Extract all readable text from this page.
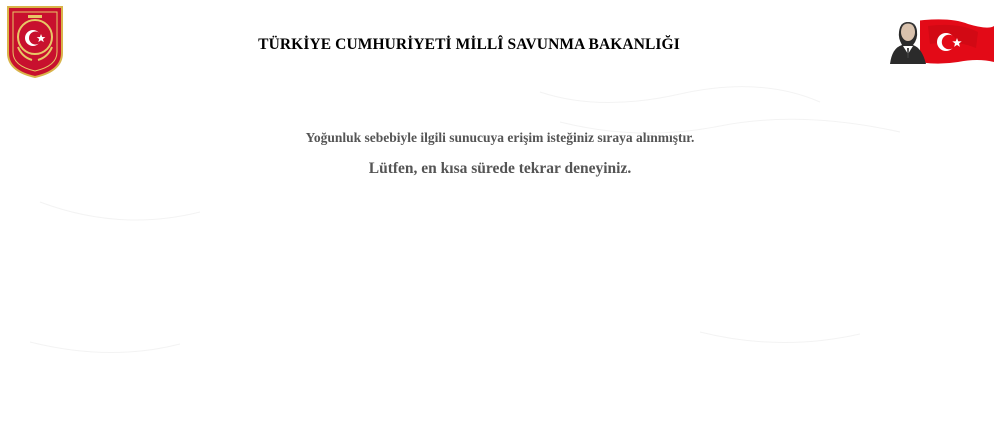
TÜRKİYE CUMHURİYETİ MİLLÎ SAVUNMA BAKANLIĞI
Yoğunluk sebebiyle ilgili sunucuya erişim isteğiniz sıraya alınmıştır.
Lütfen, en kısa sürede tekrar deneyiniz.
